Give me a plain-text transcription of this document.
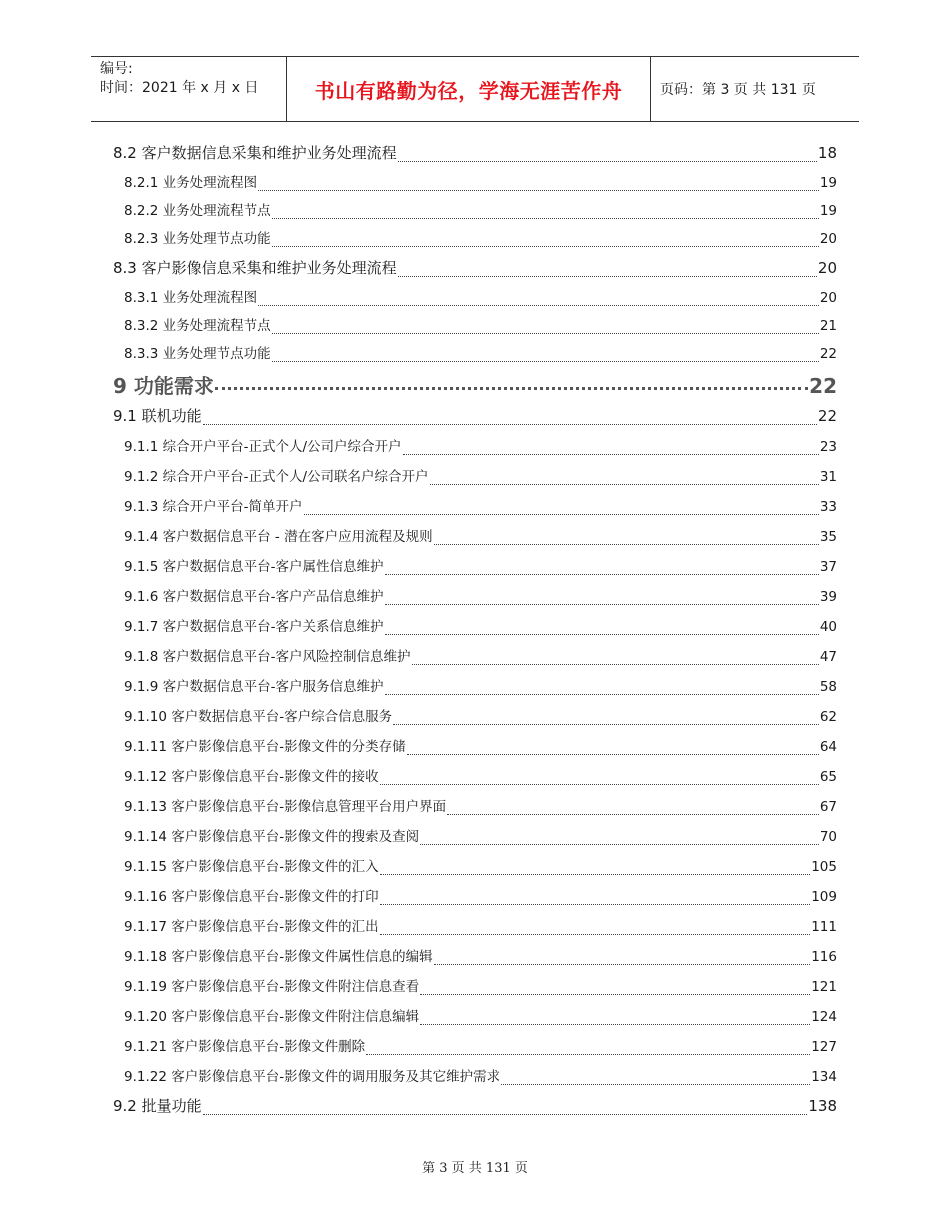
编号:
时间：2021 年 x 月 x 日	书山有路勤为径，学海无涯苦作舟	页码：第 3 页 共 131 页
8.2 客户数据信息采集和维护业务处理流程	18
8.2.1 业务处理流程图	19
8.2.2 业务处理流程节点	19
8.2.3 业务处理节点功能	20
8.3 客户影像信息采集和维护业务处理流程	20
8.3.1 业务处理流程图	20
8.3.2 业务处理流程节点	21
8.3.3 业务处理节点功能	22
9 功能需求	22
9.1 联机功能	22
9.1.1 综合开户平台-正式个人/公司户综合开户	23
9.1.2 综合开户平台-正式个人/公司联名户综合开户	31
9.1.3 综合开户平台-简单开户	33
9.1.4 客户数据信息平台 - 潜在客户应用流程及规则	35
9.1.5 客户数据信息平台-客户属性信息维护	37
9.1.6 客户数据信息平台-客户产品信息维护	39
9.1.7 客户数据信息平台-客户关系信息维护	40
9.1.8 客户数据信息平台-客户风险控制信息维护	47
9.1.9 客户数据信息平台-客户服务信息维护	58
9.1.10 客户数据信息平台-客户综合信息服务	62
9.1.11 客户影像信息平台-影像文件的分类存储	64
9.1.12 客户影像信息平台-影像文件的接收	65
9.1.13 客户影像信息平台-影像信息管理平台用户界面	67
9.1.14 客户影像信息平台-影像文件的搜索及查阅	70
9.1.15 客户影像信息平台-影像文件的汇入	105
9.1.16 客户影像信息平台-影像文件的打印	109
9.1.17 客户影像信息平台-影像文件的汇出	111
9.1.18 客户影像信息平台-影像文件属性信息的编辑	116
9.1.19 客户影像信息平台-影像文件附注信息查看	121
9.1.20 客户影像信息平台-影像文件附注信息编辑	124
9.1.21 客户影像信息平台-影像文件删除	127
9.1.22 客户影像信息平台-影像文件的调用服务及其它维护需求	134
9.2 批量功能	138
第 3 页 共 131 页
